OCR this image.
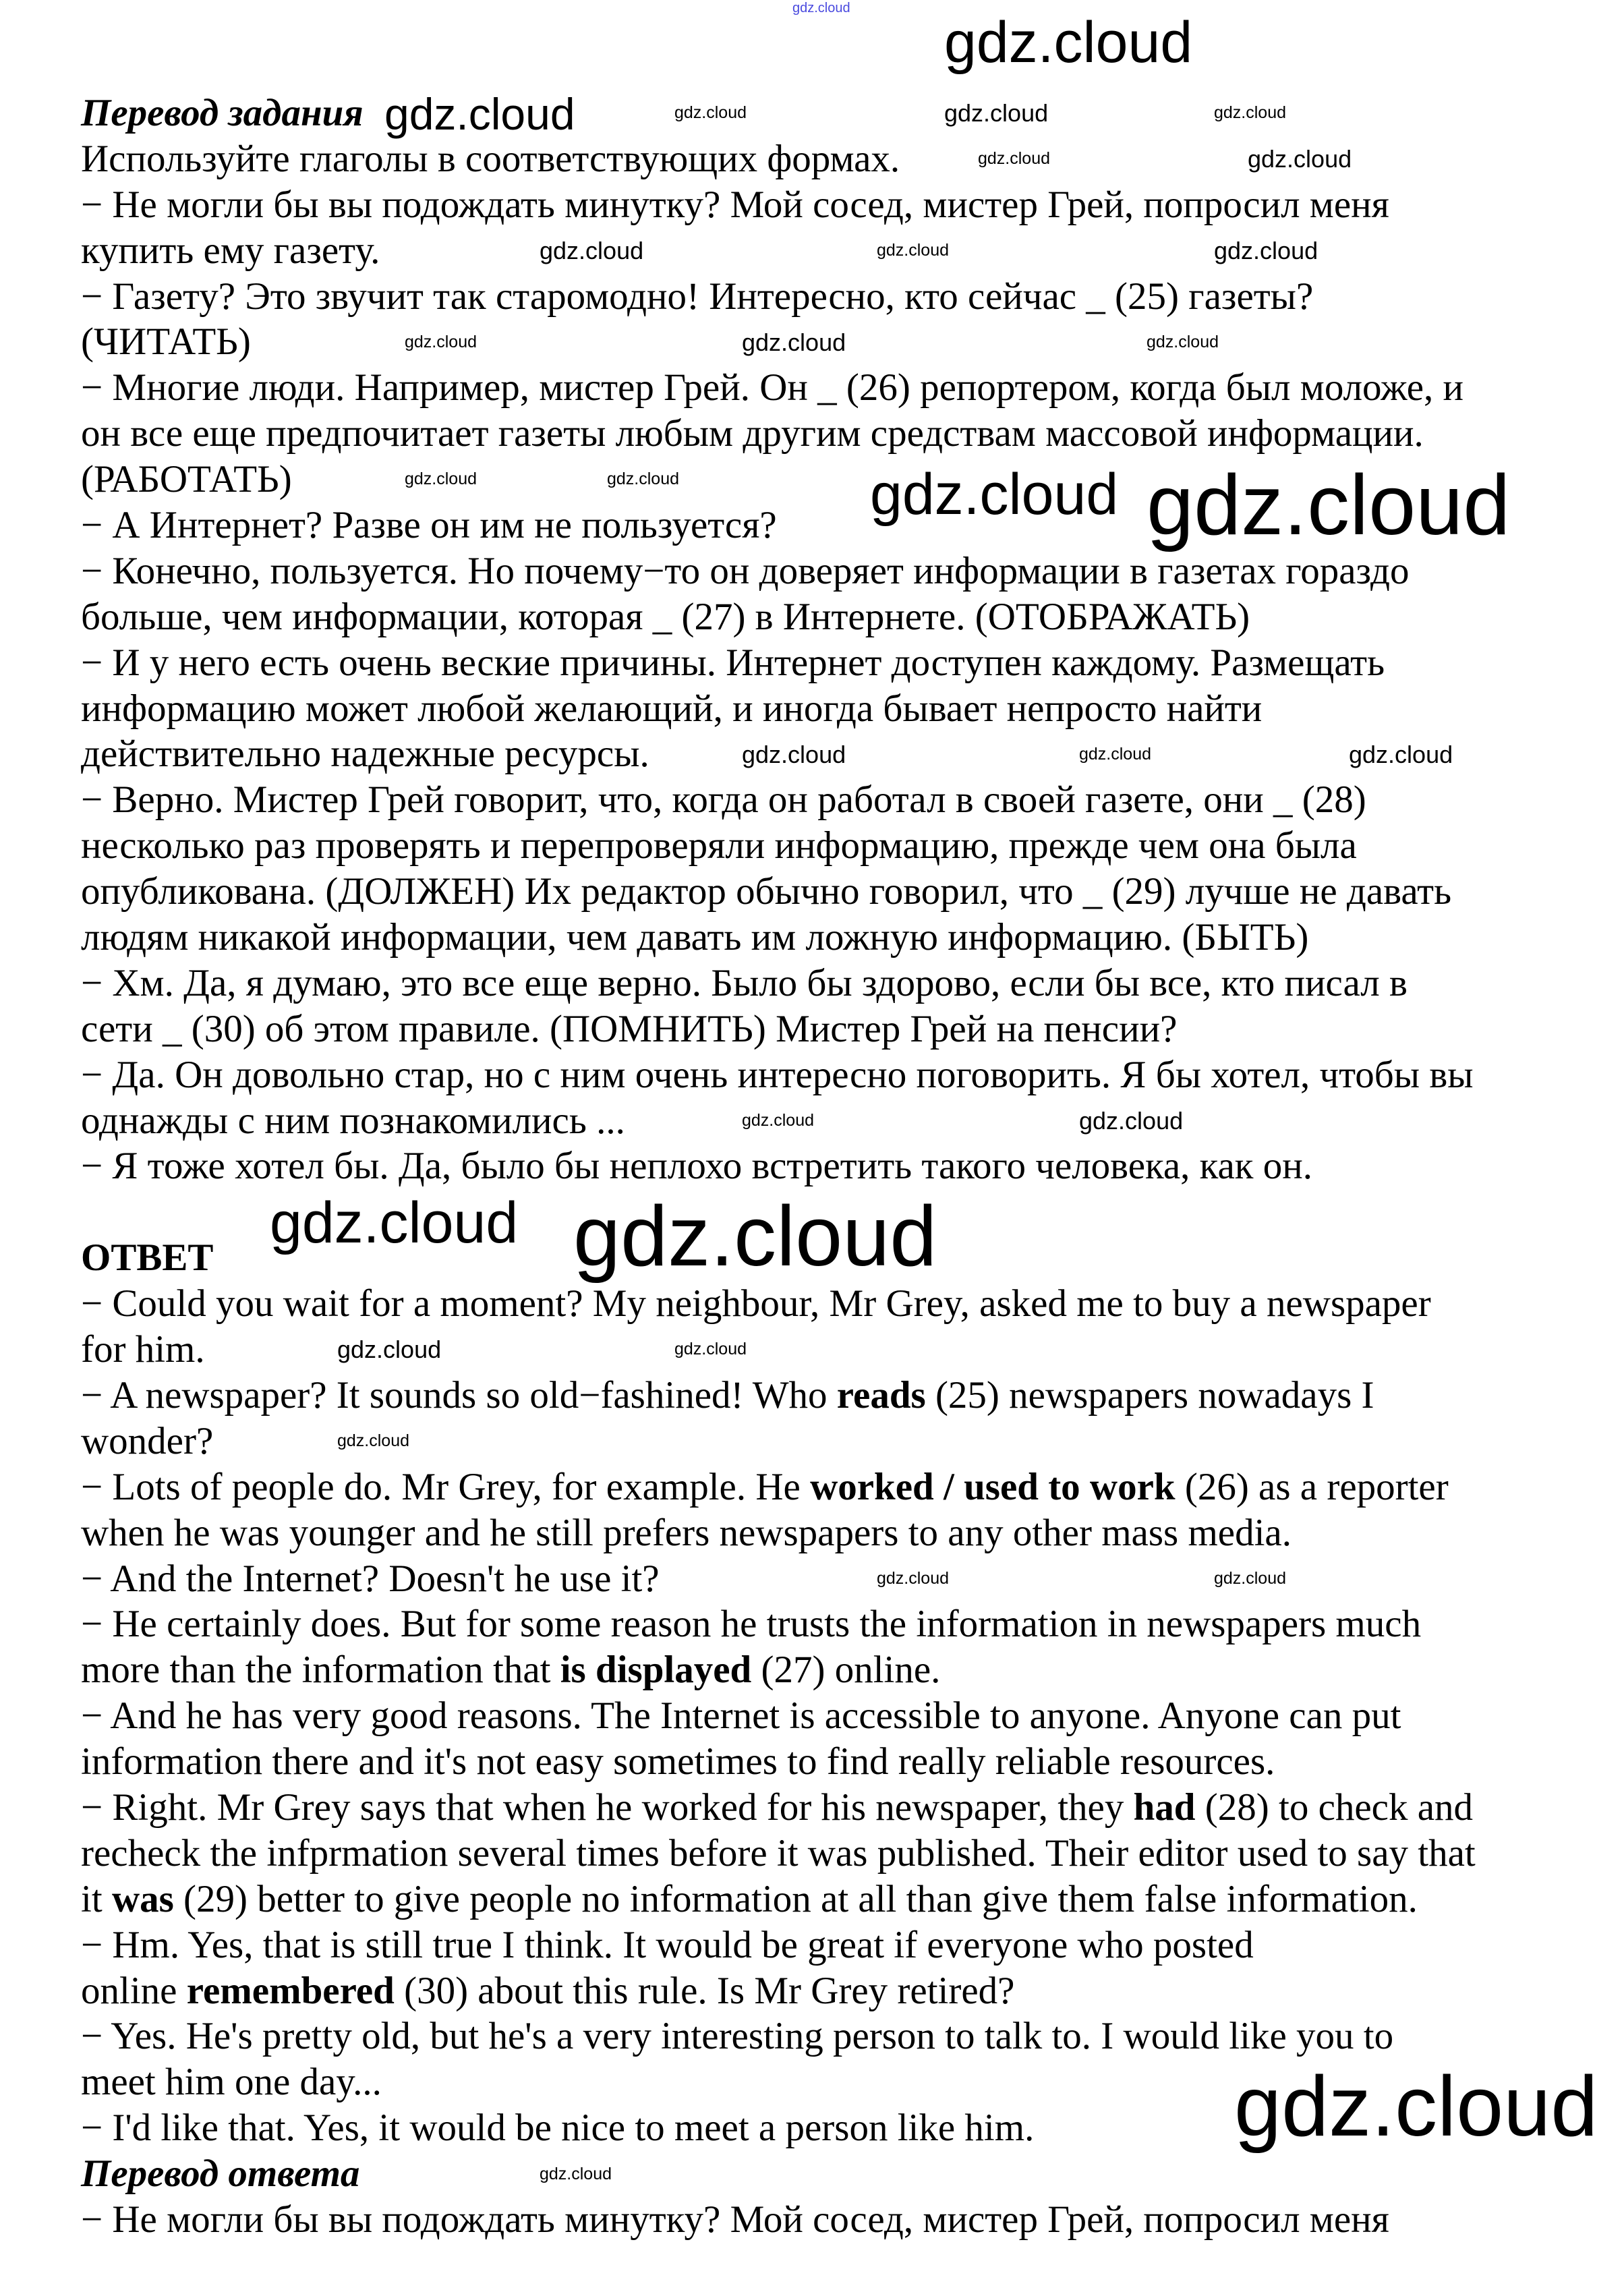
Перевод задания
Используйте глаголы в соответствующих формах.
− Не могли бы вы подождать минутку? Мой сосед, мистер Грей, попросил меня
купить ему газету.
− Газету? Это звучит так старомодно! Интересно, кто сейчас _ (25) газеты?
(ЧИТАТЬ)
− Многие люди. Например, мистер Грей. Он _ (26) репортером, когда был моложе, и
он все еще предпочитает газеты любым другим средствам массовой информации.
(РАБОТАТЬ)
− А Интернет? Разве он им не пользуется?
− Конечно, пользуется. Но почему−то он доверяет информации в газетах гораздо
больше, чем информации, которая _ (27) в Интернете. (ОТОБРАЖАТЬ)
− И у него есть очень веские причины. Интернет доступен каждому. Размещать
информацию может любой желающий, и иногда бывает непросто найти
действительно надежные ресурсы.
− Верно. Мистер Грей говорит, что, когда он работал в своей газете, они _ (28)
несколько раз проверять и перепроверяли информацию, прежде чем она была
опубликована. (ДОЛЖЕН) Их редактор обычно говорил, что _ (29) лучше не давать
людям никакой информации, чем давать им ложную информацию. (БЫТЬ)
− Хм. Да, я думаю, это все еще верно. Было бы здорово, если бы все, кто писал в
сети _ (30) об этом правиле. (ПОМНИТЬ) Мистер Грей на пенсии?
− Да. Он довольно стар, но с ним очень интересно поговорить. Я бы хотел, чтобы вы
однажды с ним познакомились ...
− Я тоже хотел бы. Да, было бы неплохо встретить такого человека, как он.
ОТВЕТ
− Could you wait for a moment? My neighbour, Mr Grey, asked me to buy a newspaper
for him.
− A newspaper? It sounds so old−fashined! Who reads (25) newspapers nowadays I
wonder?
− Lots of people do. Mr Grey, for example. He worked / used to work (26) as a reporter
when he was younger and he still prefers newspapers to any other mass media.
− And the Internet? Doesn't he use it?
− He certainly does. But for some reason he trusts the information in newspapers much
more than the information that is displayed (27) online.
− And he has very good reasons. The Internet is accessible to anyone. Anyone can put
information there and it's not easy sometimes to find really reliable resources.
− Right. Mr Grey says that when he worked for his newspaper, they had (28) to check and
recheck the infprmation several times before it was published. Their editor used to say that
it was (29) better to give people no information at all than give them false information.
− Hm. Yes, that is still true I think. It would be great if everyone who posted
online remembered (30) about this rule. Is Mr Grey retired?
− Yes. He's pretty old, but he's a very interesting person to talk to. I would like you to
meet him one day...
− I'd like that. Yes, it would be nice to meet a person like him.
Перевод ответа
− Не могли бы вы подождать минутку? Мой сосед, мистер Грей, попросил меня
gdz.cloud
gdz.cloud
gdz.cloud	gdz.cloud	gdz.cloud	gdz.cloud
gdz.cloud	gdz.cloud
gdz.cloud	gdz.cloud	gdz.cloud
gdz.cloud	gdz.cloud	gdz.cloud
gdz.cloud	gdz.cloud	gdz.cloud gdz.cloud
gdz.cloud	gdz.cloud	gdz.cloud
gdz.cloud	gdz.cloud
gdz.cloud gdz.cloud
gdz.cloud	gdz.cloud
gdz.cloud
gdz.cloud	gdz.cloud
gdz.cloud
gdz.cloud
